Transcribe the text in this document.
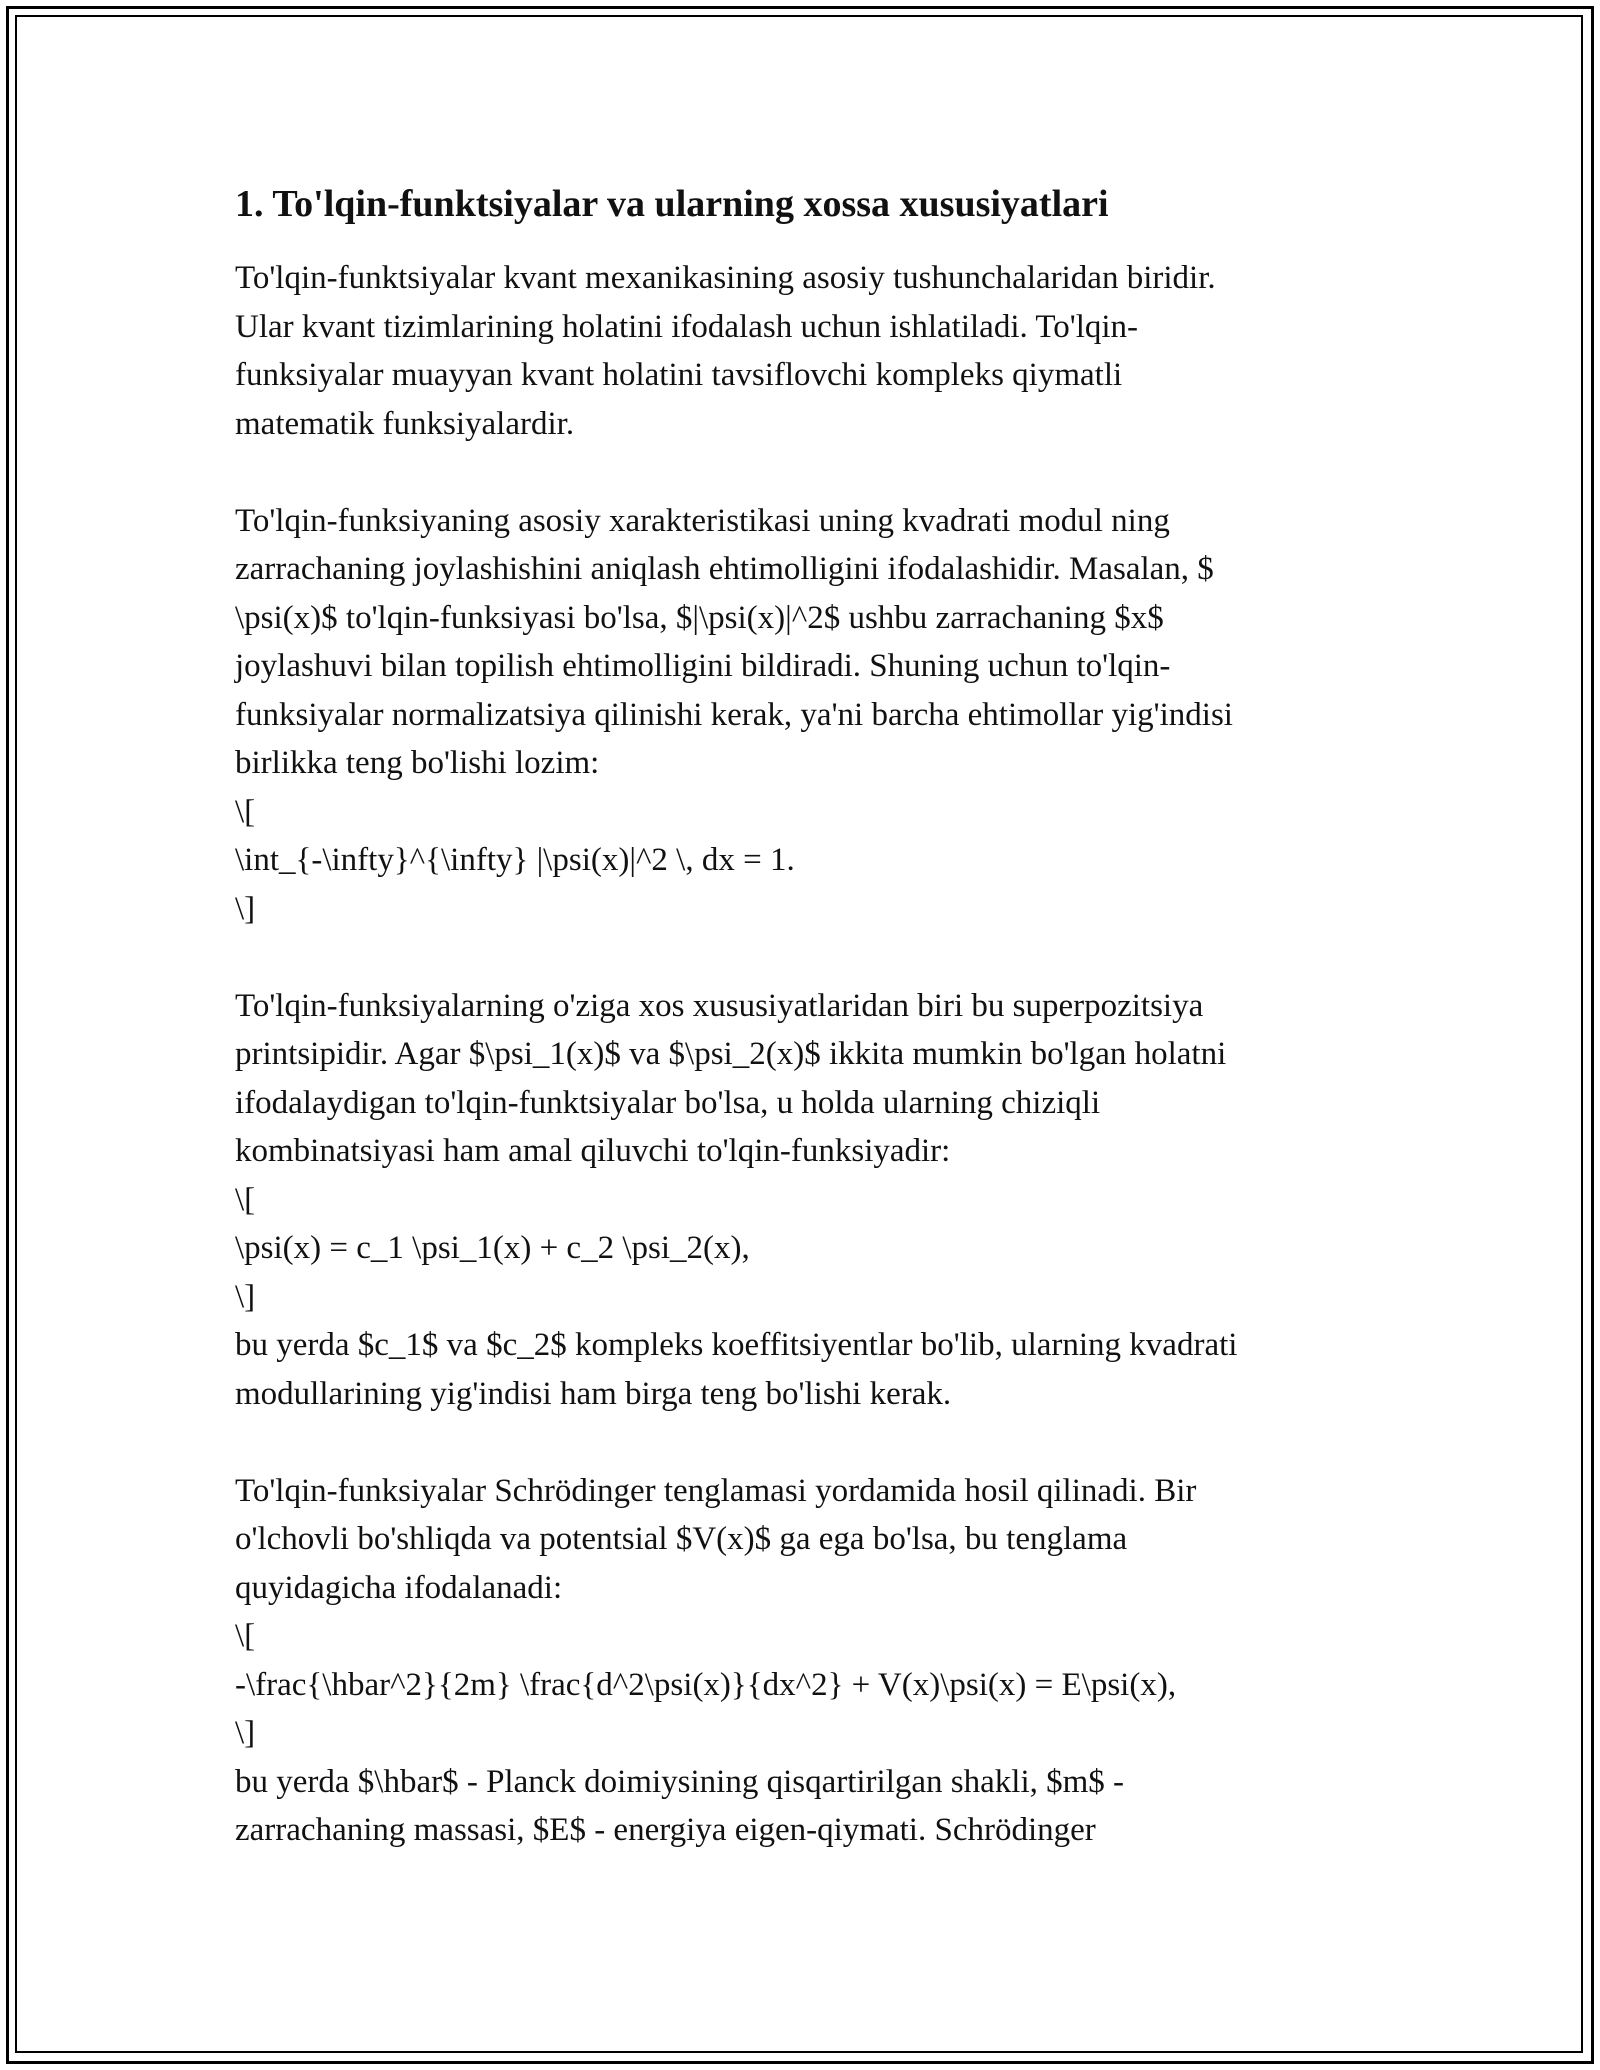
1. To'lqin-funktsiyalar va ularning xossa xususiyatlari
To'lqin-funktsiyalar kvant mexanikasining asosiy tushunchalaridan biridir.
Ular kvant tizimlarining holatini ifodalash uchun ishlatiladi. To'lqin-
funksiyalar muayyan kvant holatini tavsiflovchi kompleks qiymatli
matematik funksiyalardir.
To'lqin-funksiyaning asosiy xarakteristikasi uning kvadrati modul ning
zarrachaning joylashishini aniqlash ehtimolligini ifodalashidir. Masalan, $
\psi(x)$ to'lqin-funksiyasi bo'lsa, $|\psi(x)|^2$ ushbu zarrachaning $x$
joylashuvi bilan topilish ehtimolligini bildiradi. Shuning uchun to'lqin-
funksiyalar normalizatsiya qilinishi kerak, ya'ni barcha ehtimollar yig'indisi
birlikka teng bo'lishi lozim:
\[
\int_{-\infty}^{\infty} |\psi(x)|^2 \, dx = 1.
\]
To'lqin-funksiyalarning o'ziga xos xususiyatlaridan biri bu superpozitsiya
printsipidir. Agar $\psi_1(x)$ va $\psi_2(x)$ ikkita mumkin bo'lgan holatni
ifodalaydigan to'lqin-funktsiyalar bo'lsa, u holda ularning chiziqli
kombinatsiyasi ham amal qiluvchi to'lqin-funksiyadir:
\[
\psi(x) = c_1 \psi_1(x) + c_2 \psi_2(x),
\]
bu yerda $c_1$ va $c_2$ kompleks koeffitsiyentlar bo'lib, ularning kvadrati
modullarining yig'indisi ham birga teng bo'lishi kerak.
To'lqin-funksiyalar Schrödinger tenglamasi yordamida hosil qilinadi. Bir
o'lchovli bo'shliqda va potentsial $V(x)$ ga ega bo'lsa, bu tenglama
quyidagicha ifodalanadi:
\[
-\frac{\hbar^2}{2m} \frac{d^2\psi(x)}{dx^2} + V(x)\psi(x) = E\psi(x),
\]
bu yerda $\hbar$ - Planck doimiysining qisqartirilgan shakli, $m$ -
zarrachaning massasi, $E$ - energiya eigen-qiymati. Schrödinger
